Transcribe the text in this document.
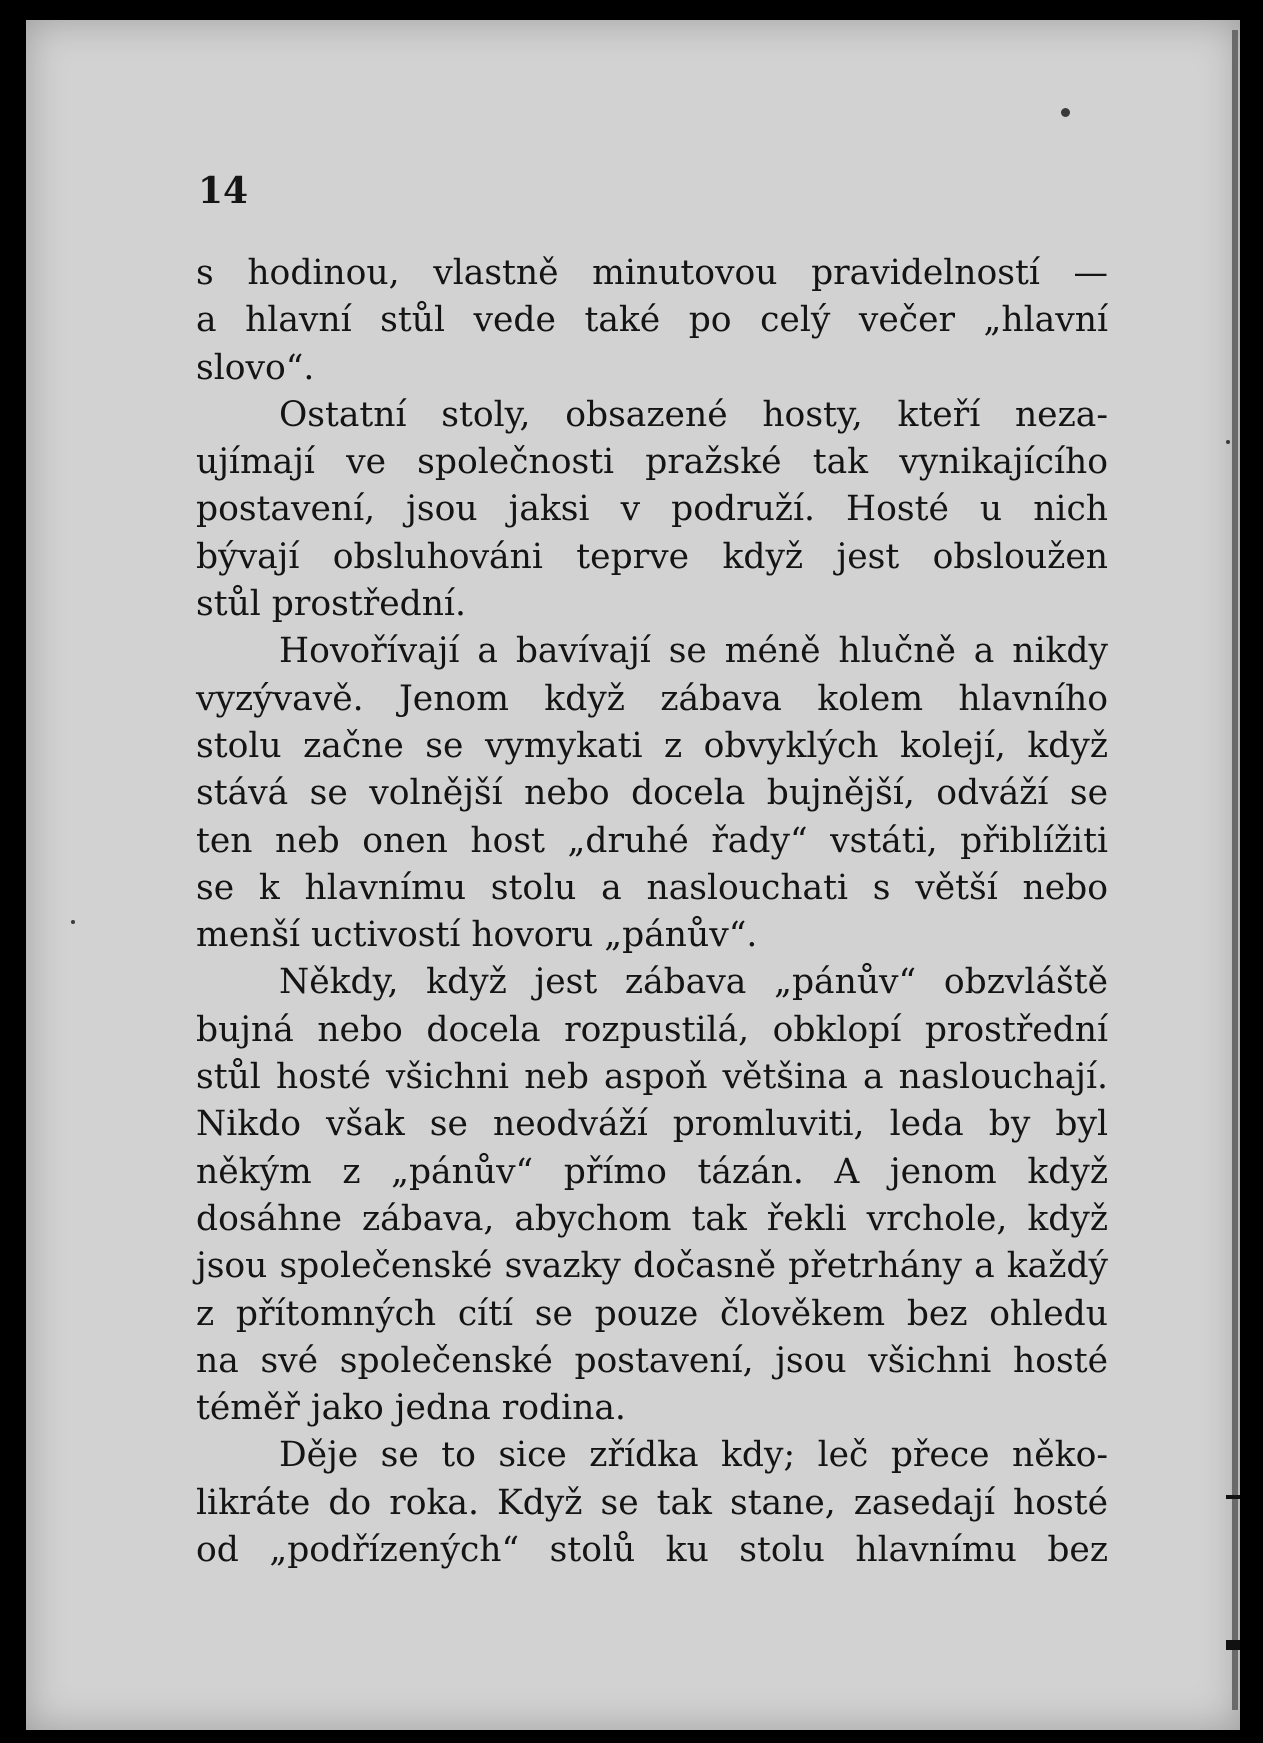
14
s hodinou, vlastně minutovou pravidelností —
a hlavní stůl vede také po celý večer „hlavní
slovo“.
Ostatní stoly, obsazené hosty, kteří neza-
ujímají ve společnosti pražské tak vynikajícího
postavení, jsou jaksi v podruží. Hosté u nich
bývají obsluhováni teprve když jest obsloužen
stůl prostřední.
Hovořívají a bavívají se méně hlučně a nikdy
vyzývavě. Jenom když zábava kolem hlavního
stolu začne se vymykati z obvyklých kolejí, když
stává se volnější nebo docela bujnější, odváží se
ten neb onen host „druhé řady“ vstáti, přiblížiti
se k hlavnímu stolu a naslouchati s větší nebo
menší uctivostí hovoru „pánův“.
Někdy, když jest zábava „pánův“ obzvláště
bujná nebo docela rozpustilá, obklopí prostřední
stůl hosté všichni neb aspoň většina a naslouchají.
Nikdo však se neodváží promluviti, leda by byl
někým z „pánův“ přímo tázán. A jenom když
dosáhne zábava, abychom tak řekli vrchole, když
jsou společenské svazky dočasně přetrhány a každý
z přítomných cítí se pouze člověkem bez ohledu
na své společenské postavení, jsou všichni hosté
téměř jako jedna rodina.
Děje se to sice zřídka kdy; leč přece něko-
likráte do roka. Když se tak stane, zasedají hosté
od „podřízených“ stolů ku stolu hlavnímu bez
